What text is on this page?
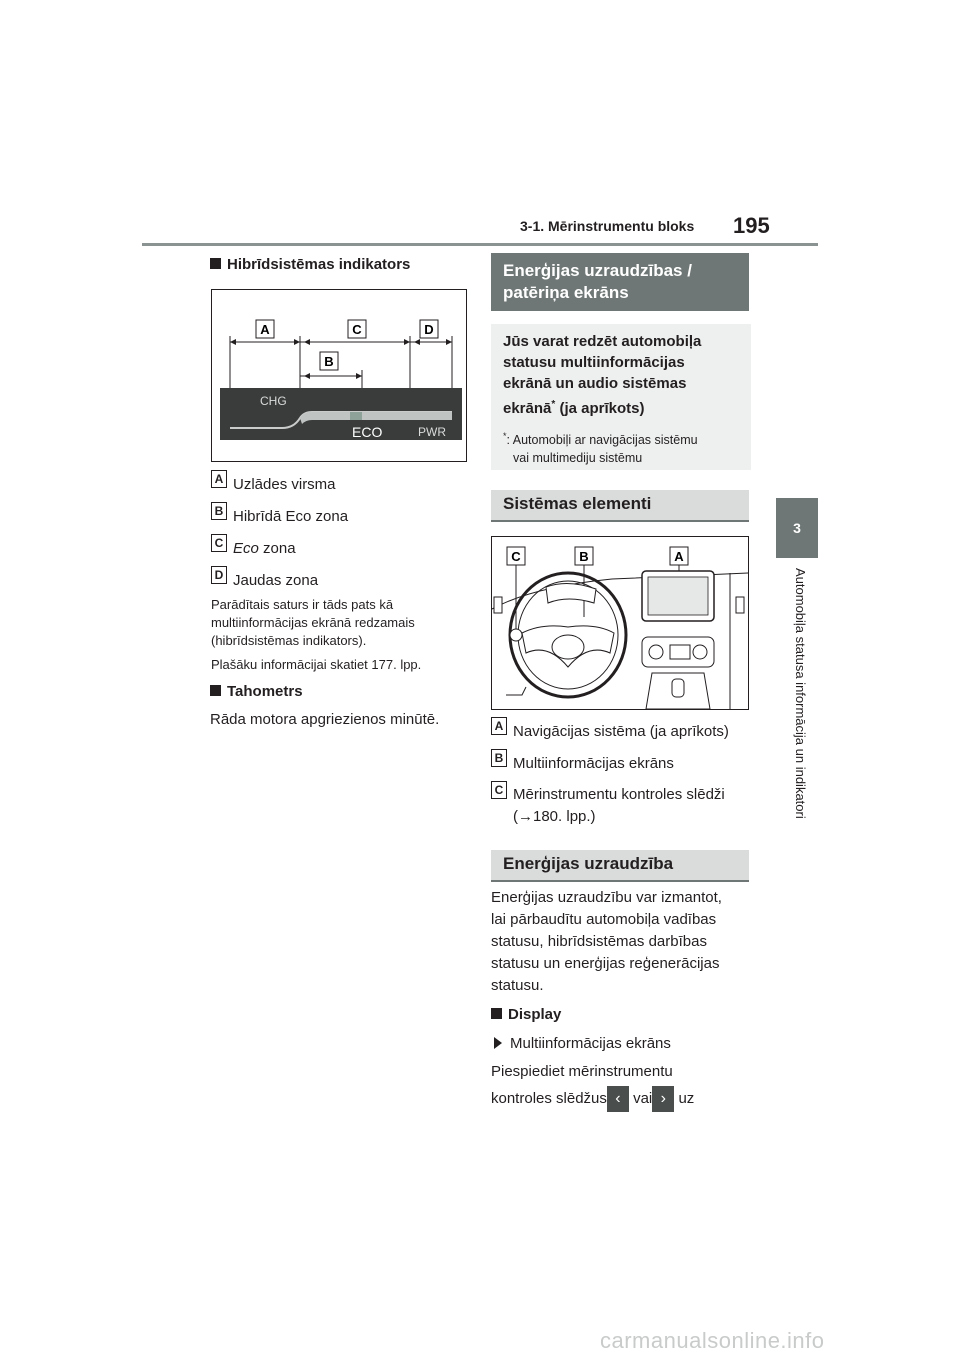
3-1. Mērinstrumentu bloks 195
3
Automobiļa statusa informācija un indikatori
Hibrīdsistēmas indikators
A	C	D
B
CHG
ECO	PWR
A Uzlādes virsma
B Hibrīdā Eco zona
C Eco zona
D Jaudas zona
Parādītais saturs ir tāds pats kā multiinformācijas ekrānā redzamais (hibrīdsistēmas indikators).
Plašāku informācijai skatiet 177. lpp.
Tahometrs
Rāda motora apgriezienos minūtē.
Enerģijas uzraudzības /
patēriņa ekrāns
Jūs varat redzēt automobiļa
statusu multiinformācijas
ekrānā un audio sistēmas
ekrānā* (ja aprīkots)
*: Automobiļi ar navigācijas sistēmu
vai multimediju sistēmu
Sistēmas elementi
C	B	A
A Navigācijas sistēma (ja aprīkots)
B Multiinformācijas ekrāns
C Mērinstrumentu kontroles slēdži
(→180. lpp.)
Enerģijas uzraudzība
Enerģijas uzraudzību var izmantot,
lai pārbaudītu automobiļa vadības
statusu, hibrīdsistēmas darbības
statusu un enerģijas reģenerācijas
statusu.
Display
Multiinformācijas ekrāns
Piespiediet mērinstrumentu
kontroles slēdžus ‹ vai › uz
carmanualsonline.info
